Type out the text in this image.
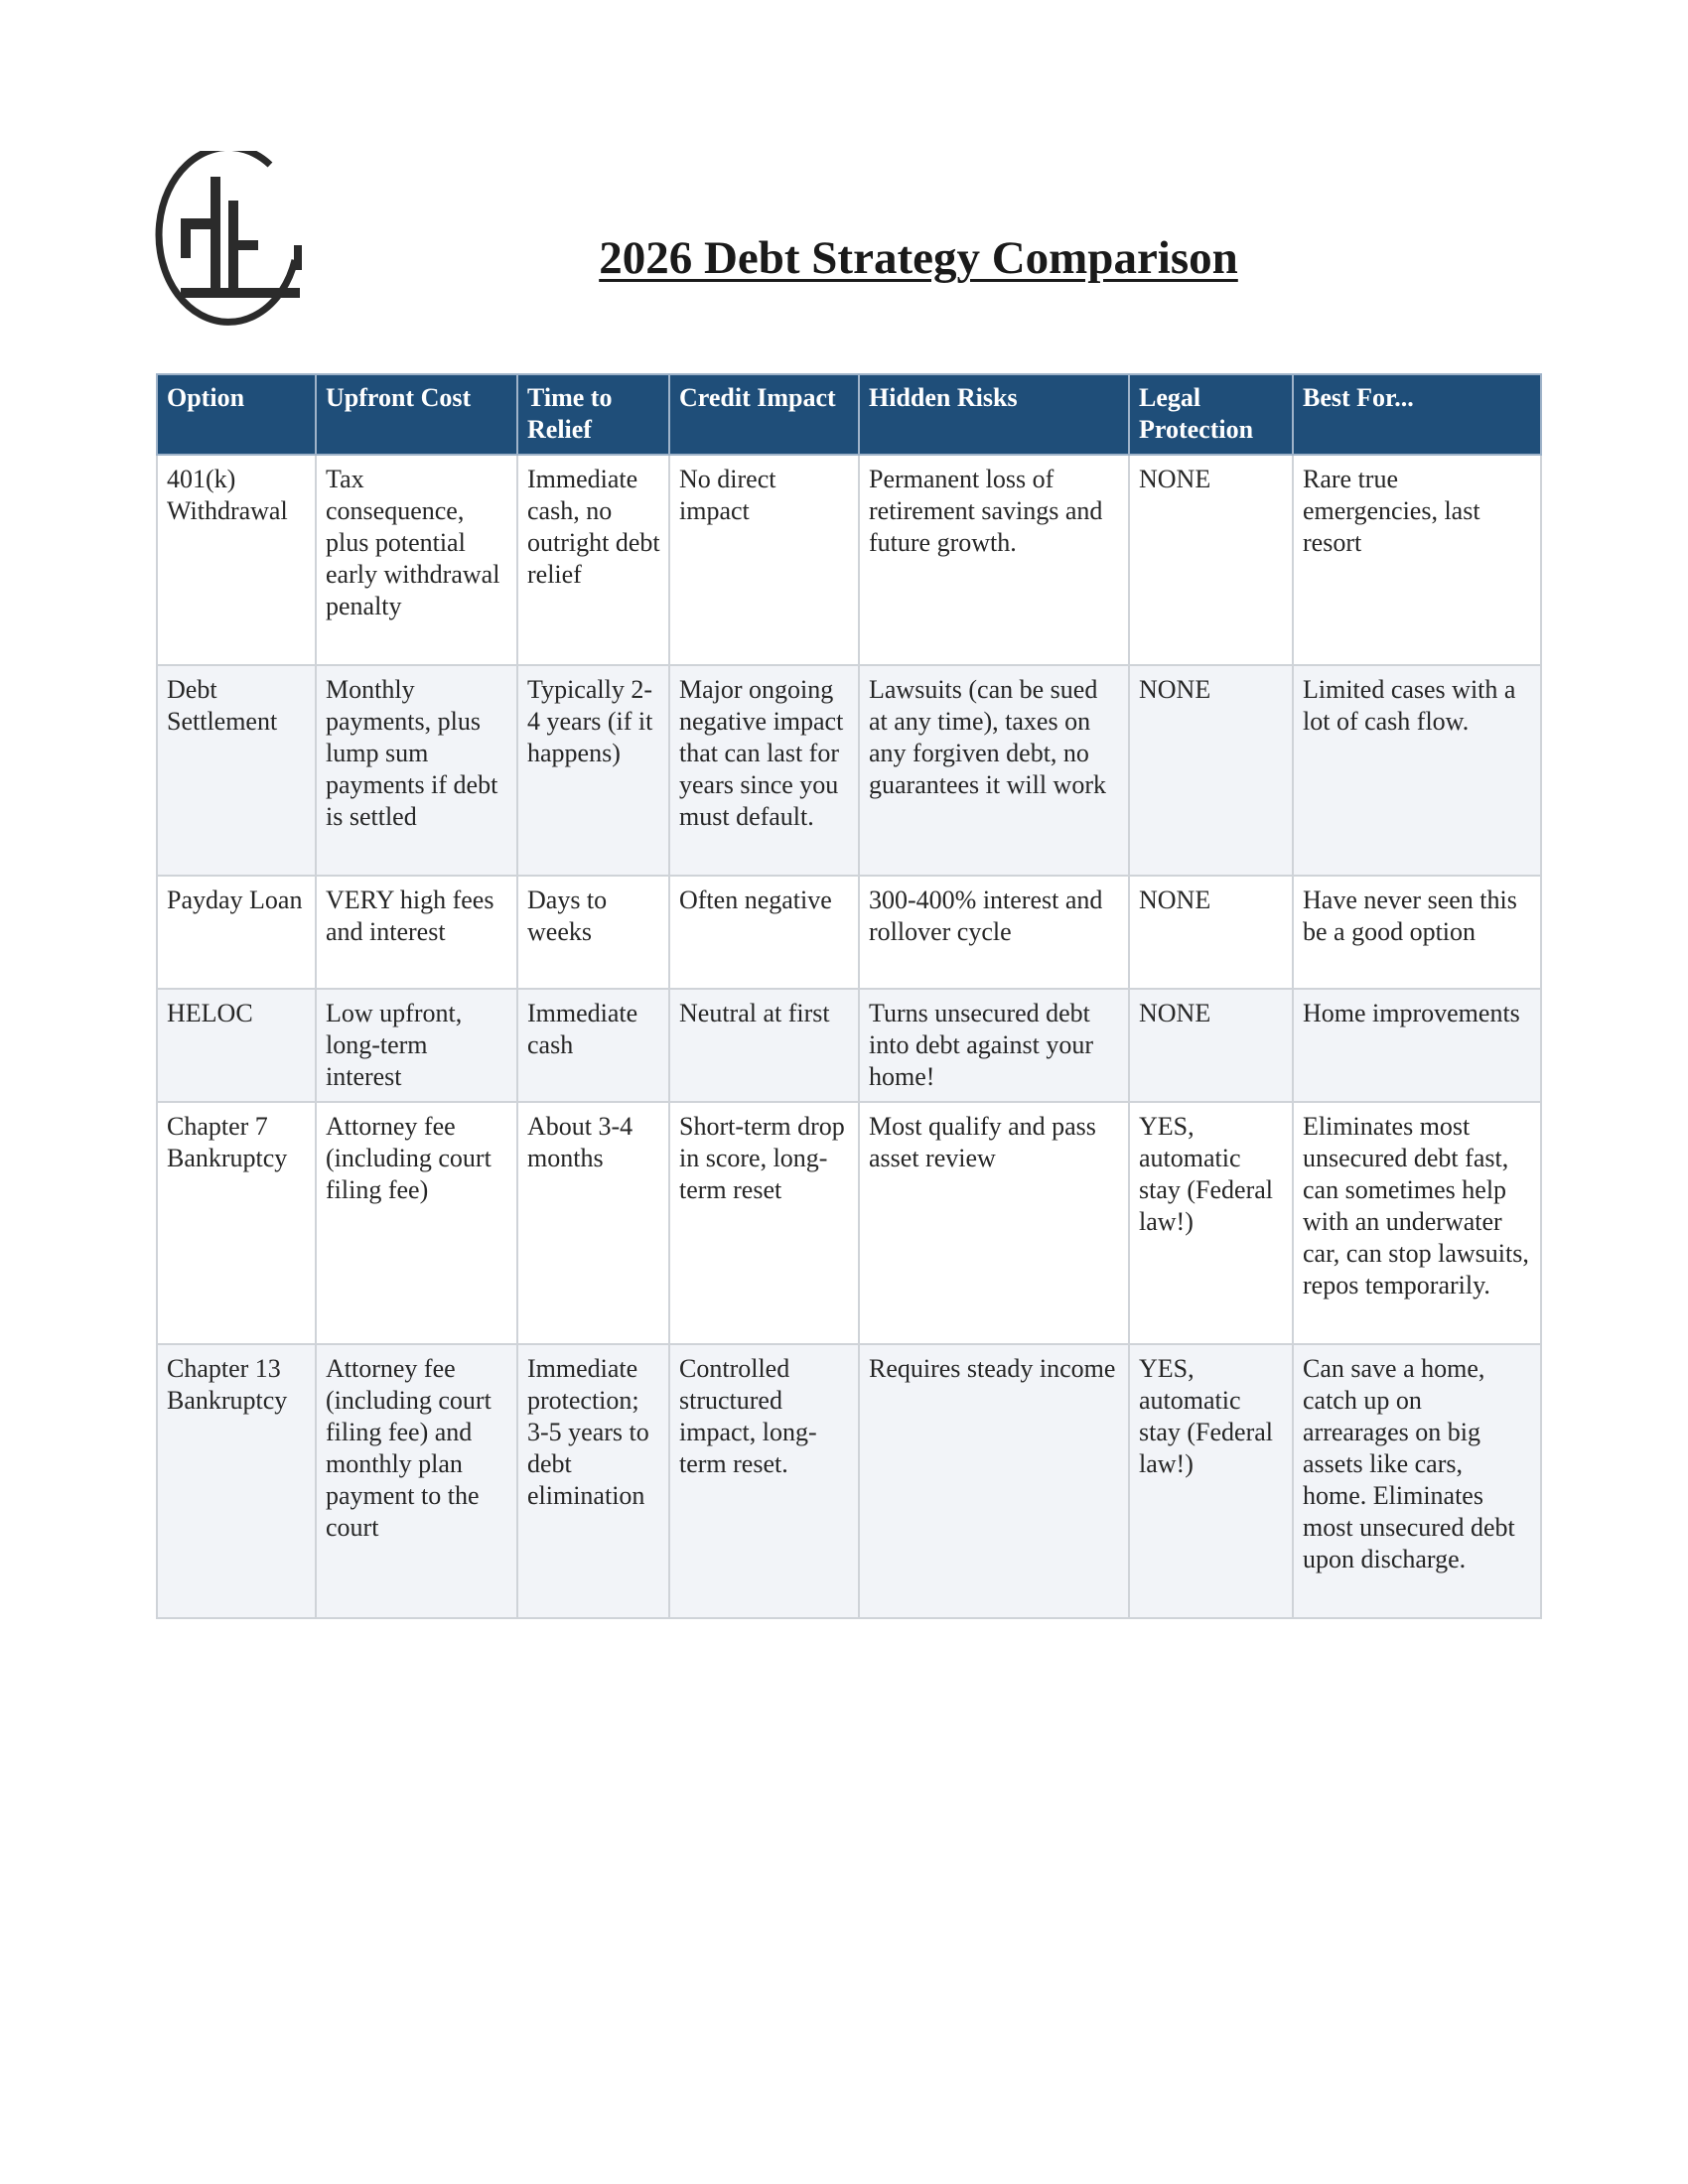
2026 Debt Strategy Comparison
Option	Upfront Cost	Time to Relief	Credit Impact	Hidden Risks	Legal Protection	Best For...
401(k) Withdrawal	Tax consequence, plus potential early withdrawal penalty	Immediate cash, no outright debt relief	No direct impact	Permanent loss of retirement savings and future growth.	NONE	Rare true emergencies, last resort
Debt Settlement	Monthly payments, plus lump sum payments if debt is settled	Typically 2-4 years (if it happens)	Major ongoing negative impact that can last for years since you must default.	Lawsuits (can be sued at any time), taxes on any forgiven debt, no guarantees it will work	NONE	Limited cases with a lot of cash flow.
Payday Loan	VERY high fees and interest	Days to weeks	Often negative	300-400% interest and rollover cycle	NONE	Have never seen this be a good option
HELOC	Low upfront, long-term interest	Immediate cash	Neutral at first	Turns unsecured debt into debt against your home!	NONE	Home improvements
Chapter 7 Bankruptcy	Attorney fee (including court filing fee)	About 3-4 months	Short-term drop in score, long-term reset	Most qualify and pass asset review	YES, automatic stay (Federal law!)	Eliminates most unsecured debt fast, can sometimes help with an underwater car, can stop lawsuits, repos temporarily.
Chapter 13 Bankruptcy	Attorney fee (including court filing fee) and monthly plan payment to the court	Immediate protection; 3-5 years to debt elimination	Controlled structured impact, long-term reset.	Requires steady income	YES, automatic stay (Federal law!)	Can save a home, catch up on arrearages on big assets like cars, home. Eliminates most unsecured debt upon discharge.
